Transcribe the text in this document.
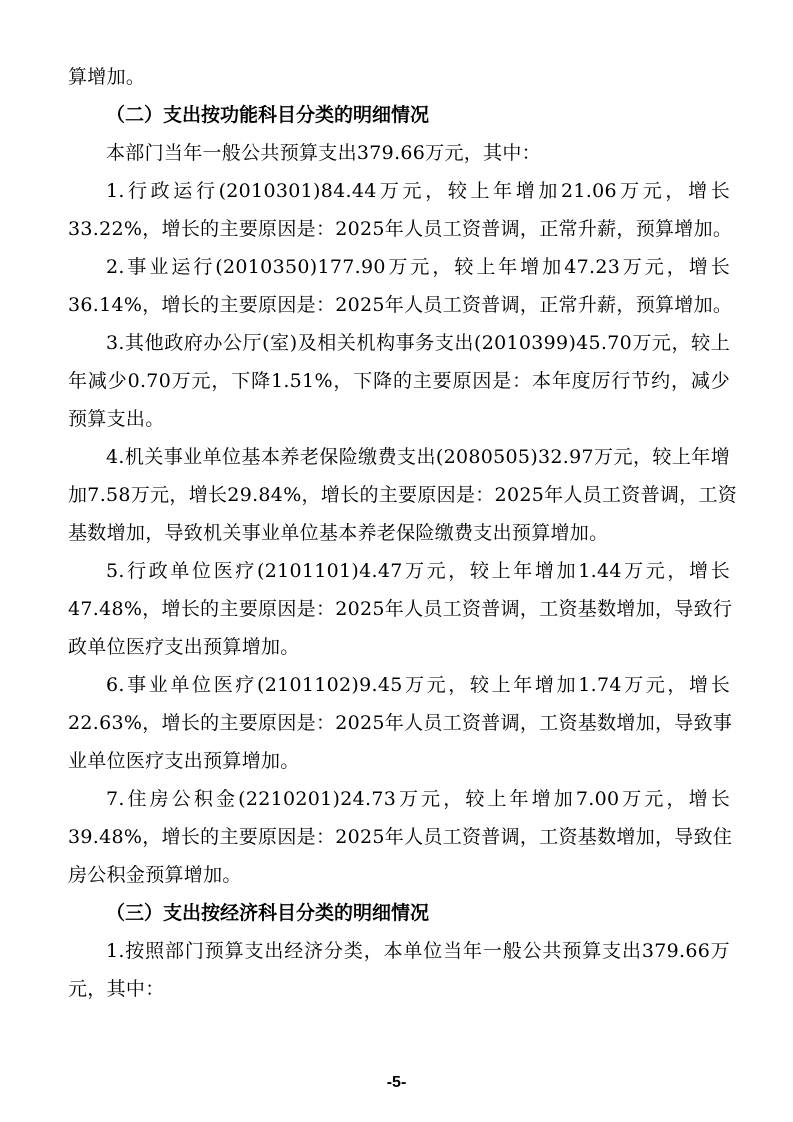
算增加。

（二）支出按功能科目分类的明细情况

本部门当年一般公共预算支出379.66万元，其中：

1.行政运行(2010301)84.44万元，较上年增加21.06万元，增长

33.22%，增长的主要原因是：2025年人员工资普调，正常升薪，预算增加。

2.事业运行(2010350)177.90万元，较上年增加47.23万元，增长

36.14%，增长的主要原因是：2025年人员工资普调，正常升薪，预算增加。

3.其他政府办公厅(室)及相关机构事务支出(2010399)45.70万元，较上

年减少0.70万元，下降1.51%，下降的主要原因是：本年度厉行节约，减少

预算支出。

4.机关事业单位基本养老保险缴费支出(2080505)32.97万元，较上年增

加7.58万元，增长29.84%，增长的主要原因是：2025年人员工资普调，工资

基数增加，导致机关事业单位基本养老保险缴费支出预算增加。

5.行政单位医疗(2101101)4.47万元，较上年增加1.44万元，增长

47.48%，增长的主要原因是：2025年人员工资普调，工资基数增加，导致行

政单位医疗支出预算增加。

6.事业单位医疗(2101102)9.45万元，较上年增加1.74万元，增长

22.63%，增长的主要原因是：2025年人员工资普调，工资基数增加，导致事

业单位医疗支出预算增加。

7.住房公积金(2210201)24.73万元，较上年增加7.00万元，增长

39.48%，增长的主要原因是：2025年人员工资普调，工资基数增加，导致住

房公积金预算增加。

（三）支出按经济科目分类的明细情况

1.按照部门预算支出经济分类，本单位当年一般公共预算支出379.66万

元，其中：

-5-
